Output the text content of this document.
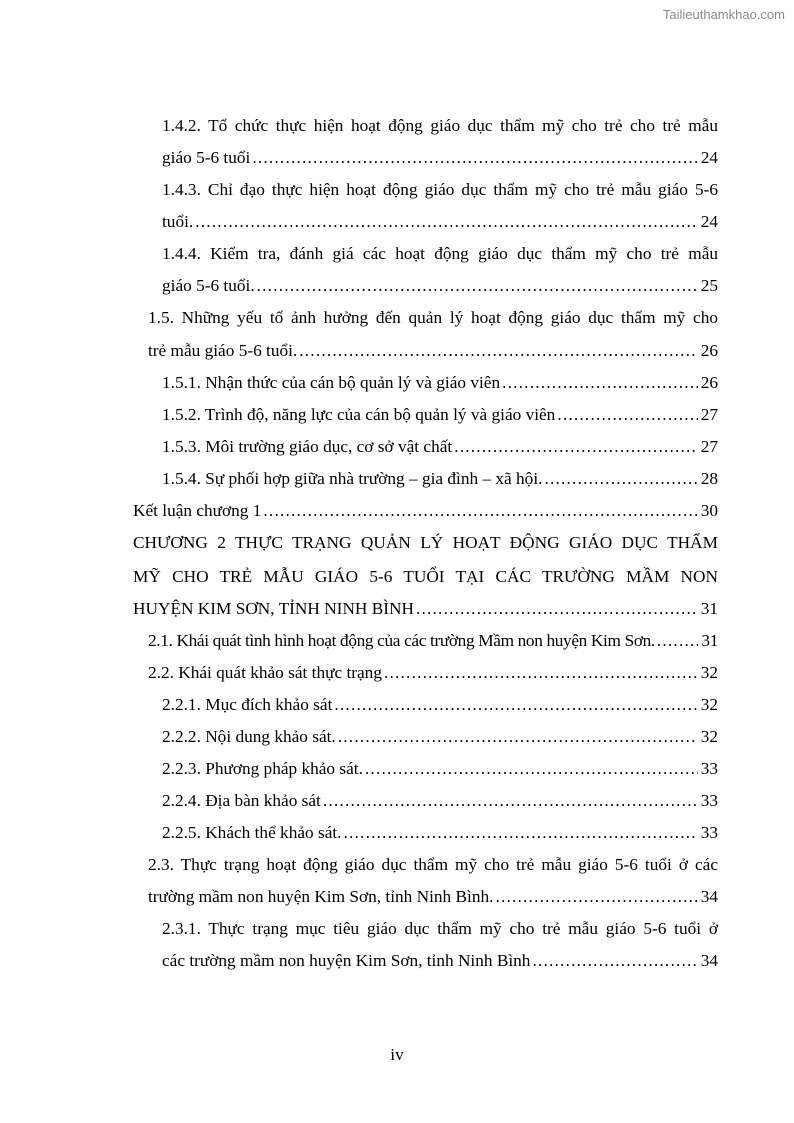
Tailieuthamkhao.com
1.4.2. Tổ chức thực hiện hoạt động giáo dục thẩm mỹ cho trẻ cho trẻ mẫu
giáo 5-6 tuổi .....	24
1.4.3. Chỉ đạo thực hiện hoạt động giáo dục thẩm mỹ cho trẻ mẫu giáo 5-6
tuổi. .....	24
1.4.4. Kiểm tra, đánh giá các hoạt động giáo dục thẩm mỹ cho trẻ mẫu
giáo 5-6 tuổi. .....	25
1.5. Những yếu tố ảnh hưởng đến quản lý hoạt động giáo dục thẩm mỹ cho
trẻ mẫu giáo 5-6 tuổi. .....	26
1.5.1. Nhận thức của cán bộ quản lý và giáo viên .....	26
1.5.2. Trình độ, năng lực của cán bộ quản lý và giáo viên .....	27
1.5.3. Môi trường giáo dục, cơ sở vật chất .....	27
1.5.4. Sự phối hợp giữa nhà trường – gia đình – xã hội. .....	28
Kết luận chương 1 .....	30
CHƯƠNG 2 THỰC TRẠNG QUẢN LÝ HOẠT ĐỘNG GIÁO DỤC THẨM
MỸ CHO TRẺ MẪU GIÁO 5-6 TUỔI TẠI CÁC TRƯỜNG MẦM NON
HUYỆN KIM SƠN, TỈNH NINH BÌNH .....	31
2.1. Khái quát tình hình hoạt động của các trường Mầm non huyện Kim Sơn. .....	31
2.2. Khái quát khảo sát thực trạng .....	32
2.2.1. Mục đích khảo sát .....	32
2.2.2. Nội dung khảo sát. .....	32
2.2.3. Phương pháp khảo sát. .....	33
2.2.4. Địa bàn khảo sát .....	33
2.2.5. Khách thể khảo sát. .....	33
2.3. Thực trạng hoạt động giáo dục thẩm mỹ cho trẻ mẫu giáo 5-6 tuổi ở các
trường mầm non huyện Kim Sơn, tỉnh Ninh Bình. .....	34
2.3.1. Thực trạng mục tiêu giáo dục thẩm mỹ cho trẻ mẫu giáo 5-6 tuổi ở
các trường mầm non huyện Kim Sơn, tỉnh Ninh Bình .....	34
iv
